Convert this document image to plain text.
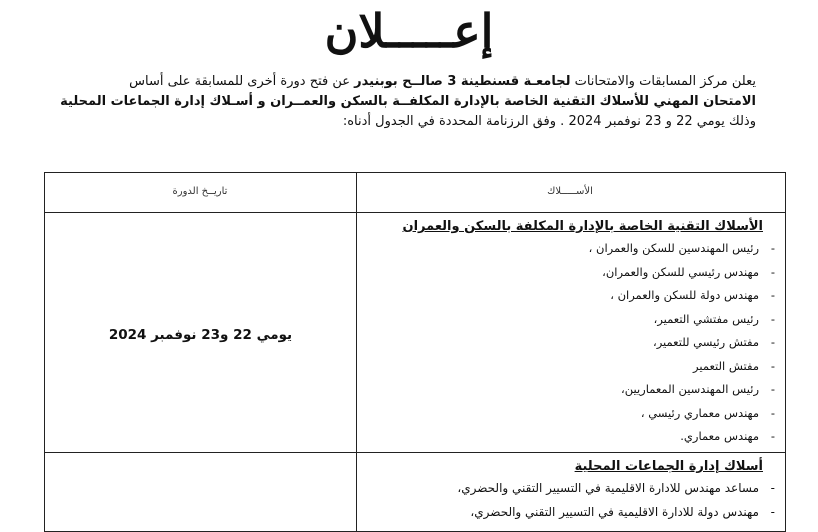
إعـــــلان
يعلن مركز المسابقات والامتحانات لجامعـة قسنطينة 3 صالــح بوبنيدر عن فتح دورة أخرى للمسابقة على أساس
الامتحان المهني للأسلاك التقنية الخاصة بالإدارة المكلفــة بالسكن والعمــران و أسـلاك إدارة الجماعات المحلية
وذلك يومي 22 و 23 نوفمبر 2024 . وفق الرزنامة المحددة في الجدول أدناه:
الأســـــلاك
تاريــخ الدورة
الأسلاك التقنية الخاصة بالإدارة المكلفة بالسكن والعمران
- رئيس المهندسين للسكن والعمران ،
- مهندس رئيسي للسكن والعمران،
- مهندس دولة للسكن والعمران ،
- رئيس مفتشي التعمير،
- مفتش رئيسي للتعمير،
- مفتش التعمير
- رئيس المهندسين المعماريين،
- مهندس معماري رئيسي ،
- مهندس معماري.
يومي 22 و23 نوفمبر 2024
أسلاك إدارة الجماعات المحلية
- مساعد مهندس للادارة الاقليمية في التسيير التقني والحضري،
- مهندس دولة للادارة الاقليمية في التسيير التقني والحضري،
